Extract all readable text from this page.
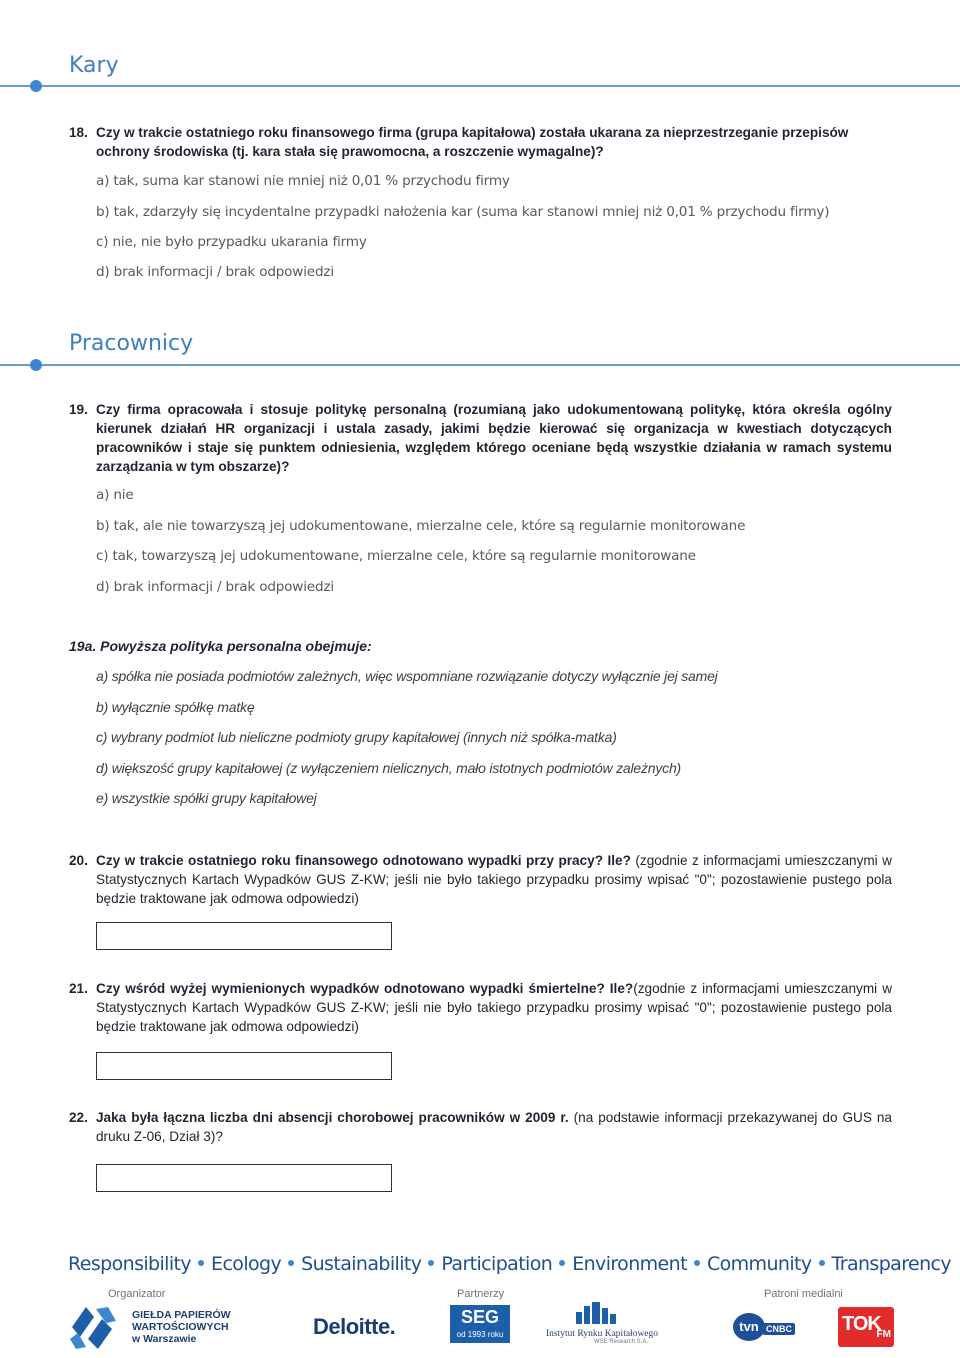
Kary
18. Czy w trakcie ostatniego roku finansowego firma (grupa kapitałowa) została ukarana za nieprzestrzeganie przepisów
ochrony środowiska (tj. kara stała się prawomocna, a roszczenie wymagalne)?
a) tak, suma kar stanowi nie mniej niż 0,01 % przychodu firmy
b) tak, zdarzyły się incydentalne przypadki nałożenia kar (suma kar stanowi mniej niż 0,01 % przychodu firmy)
c) nie, nie było przypadku ukarania firmy
d) brak informacji / brak odpowiedzi
Pracownicy
19. Czy firma opracowała i stosuje politykę personalną (rozumianą jako udokumentowaną politykę, która określa ogólny kierunek działań HR organizacji i ustala zasady, jakimi będzie kierować się organizacja w kwestiach dotyczących pracowników i staje się punktem odniesienia, względem którego oceniane będą wszystkie działania w ramach systemu zarządzania w tym obszarze)?
a) nie
b) tak, ale nie towarzyszą jej udokumentowane, mierzalne cele, które są regularnie monitorowane
c) tak, towarzyszą jej udokumentowane, mierzalne cele, które są regularnie monitorowane
d) brak informacji / brak odpowiedzi
19a. Powyższa polityka personalna obejmuje:
a) spółka nie posiada podmiotów zależnych, więc wspomniane rozwiązanie dotyczy wyłącznie jej samej
b) wyłącznie spółkę matkę
c) wybrany podmiot lub nieliczne podmioty grupy kapitałowej (innych niż spółka-matka)
d) większość grupy kapitałowej (z wyłączeniem nielicznych, mało istotnych podmiotów zależnych)
e) wszystkie spółki grupy kapitałowej
20. Czy w trakcie ostatniego roku finansowego odnotowano wypadki przy pracy? Ile? (zgodnie z informacjami umieszczanymi w Statystycznych Kartach Wypadków GUS Z-KW; jeśli nie było takiego przypadku prosimy wpisać "0"; pozostawienie pustego pola będzie traktowane jak odmowa odpowiedzi)
21. Czy wśród wyżej wymienionych wypadków odnotowano wypadki śmiertelne? Ile?(zgodnie z informacjami umieszczanymi w Statystycznych Kartach Wypadków GUS Z-KW; jeśli nie było takiego przypadku prosimy wpisać "0"; pozostawienie pustego pola będzie traktowane jak odmowa odpowiedzi)
22. Jaka była łączna liczba dni absencji chorobowej pracowników w 2009 r. (na podstawie informacji przekazywanej do GUS na druku Z-06, Dział 3)?
Responsibility Ecology Sustainability Participation Environment Community Transparency
Organizator	Partnerzy	Patroni medialni
GIEŁDA PAPIERÓW
WARTOŚCIOWYCH
w Warszawie	Deloitte.	SEG
od 1993 roku	Instytut Rynku Kapitałowego
WSE Research S.A.
tvn CNBC	TOK
FM
